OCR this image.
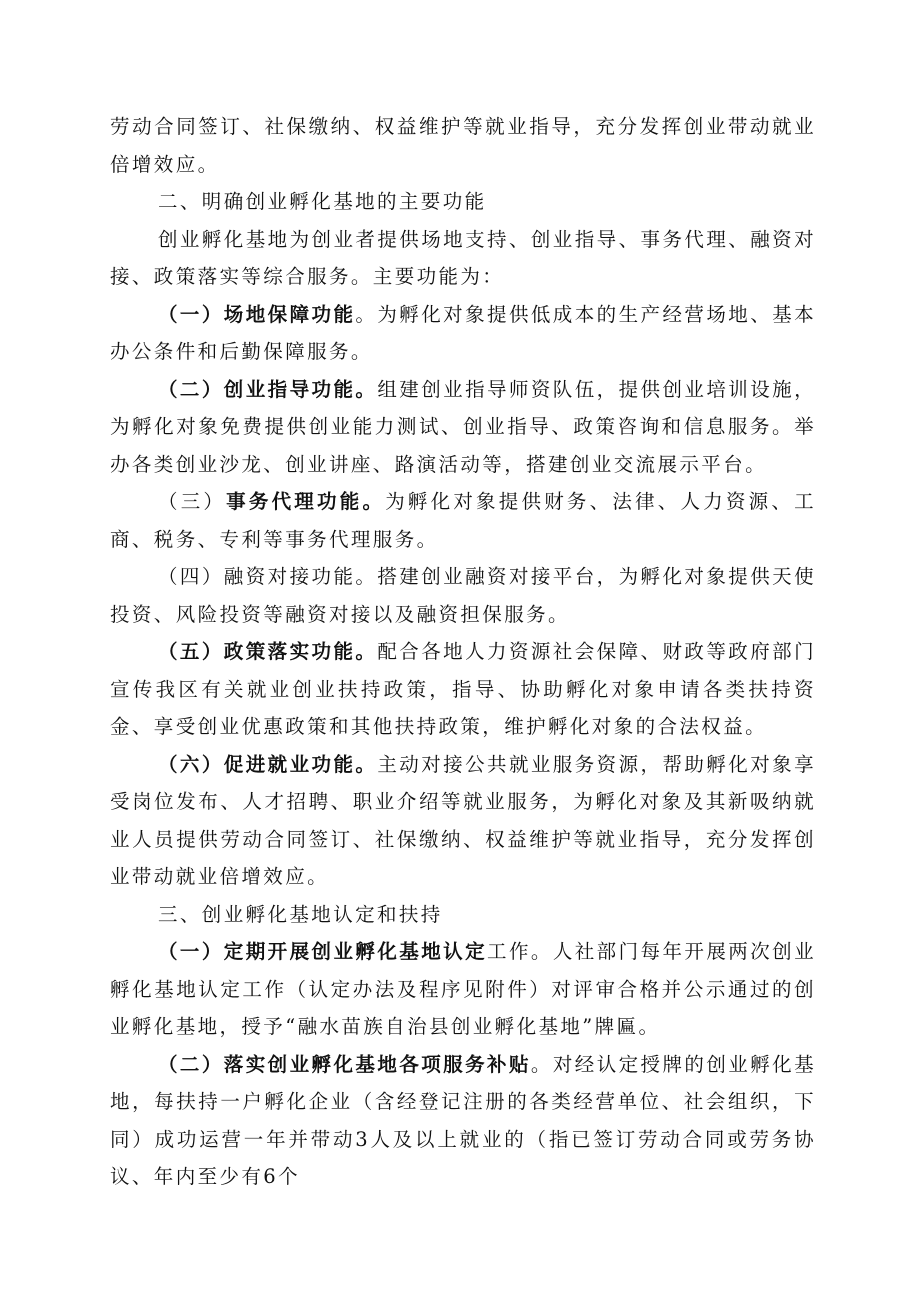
劳动合同签订、社保缴纳、权益维护等就业指导，充分发挥创业带动就业倍增效应。

二、明确创业孵化基地的主要功能

创业孵化基地为创业者提供场地支持、创业指导、事务代理、融资对接、政策落实等综合服务。主要功能为：

（一）场地保障功能。为孵化对象提供低成本的生产经营场地、基本办公条件和后勤保障服务。

（二）创业指导功能。组建创业指导师资队伍，提供创业培训设施，为孵化对象免费提供创业能力测试、创业指导、政策咨询和信息服务。举办各类创业沙龙、创业讲座、路演活动等，搭建创业交流展示平台。

（三）事务代理功能。为孵化对象提供财务、法律、人力资源、工商、税务、专利等事务代理服务。

（四）融资对接功能。搭建创业融资对接平台，为孵化对象提供天使投资、风险投资等融资对接以及融资担保服务。

（五）政策落实功能。配合各地人力资源社会保障、财政等政府部门宣传我区有关就业创业扶持政策，指导、协助孵化对象申请各类扶持资金、享受创业优惠政策和其他扶持政策，维护孵化对象的合法权益。

（六）促进就业功能。主动对接公共就业服务资源，帮助孵化对象享受岗位发布、人才招聘、职业介绍等就业服务，为孵化对象及其新吸纳就业人员提供劳动合同签订、社保缴纳、权益维护等就业指导，充分发挥创业带动就业倍增效应。

三、创业孵化基地认定和扶持

（一）定期开展创业孵化基地认定工作。人社部门每年开展两次创业孵化基地认定工作（认定办法及程序见附件）对评审合格并公示通过的创业孵化基地，授予“融水苗族自治县创业孵化基地”牌匾。

（二）落实创业孵化基地各项服务补贴。对经认定授牌的创业孵化基地，每扶持一户孵化企业（含经登记注册的各类经营单位、社会组织，下同）成功运营一年并带动3人及以上就业的（指已签订劳动合同或劳务协议、年内至少有6个
